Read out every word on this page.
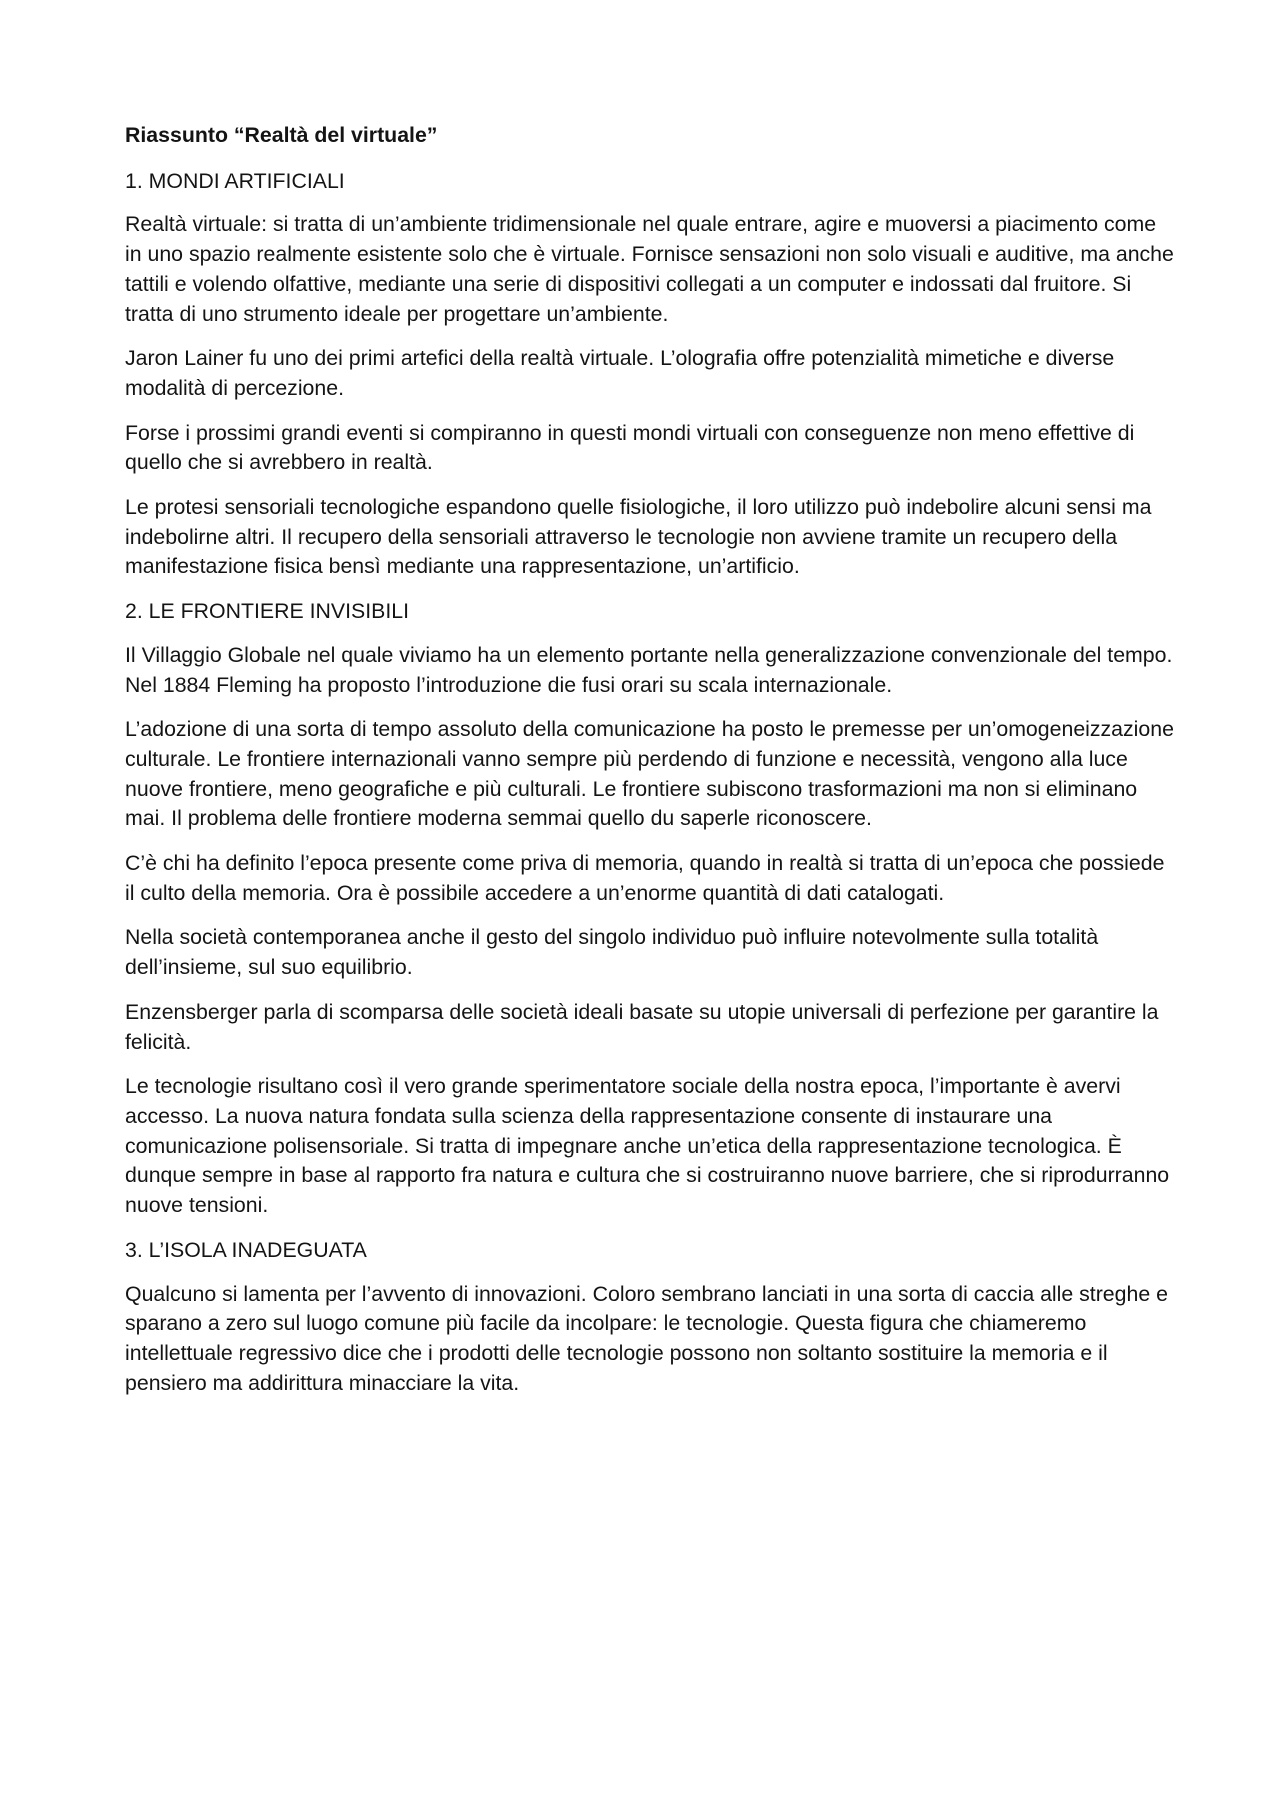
Riassunto “Realtà del virtuale”
1. MONDI ARTIFICIALI

Realtà virtuale: si tratta di un’ambiente tridimensionale nel quale entrare, agire e muoversi a piacimento come in uno spazio realmente esistente solo che è virtuale. Fornisce sensazioni non solo visuali e auditive, ma anche tattili e volendo olfattive, mediante una serie di dispositivi collegati a un computer e indossati dal fruitore. Si tratta di uno strumento ideale per progettare un’ambiente.

Jaron Lainer fu uno dei primi artefici della realtà virtuale. L’olografia offre potenzialità mimetiche e diverse modalità di percezione.

Forse i prossimi grandi eventi si compiranno in questi mondi virtuali con conseguenze non meno effettive di quello che si avrebbero in realtà.

Le protesi sensoriali tecnologiche espandono quelle fisiologiche, il loro utilizzo può indebolire alcuni sensi ma indebolirne altri. Il recupero della sensoriali attraverso le tecnologie non avviene tramite un recupero della manifestazione fisica bensì mediante una rappresentazione, un’artificio.

2. LE FRONTIERE INVISIBILI

Il Villaggio Globale nel quale viviamo ha un elemento portante nella generalizzazione convenzionale del tempo. Nel 1884 Fleming ha proposto l’introduzione die fusi orari su scala internazionale.

L’adozione di una sorta di tempo assoluto della comunicazione ha posto le premesse per un’omogeneizzazione culturale. Le frontiere internazionali vanno sempre più perdendo di funzione e necessità, vengono alla luce nuove frontiere, meno geografiche e più culturali. Le frontiere subiscono trasformazioni ma non si eliminano mai. Il problema delle frontiere moderna semmai quello du saperle riconoscere.

C’è chi ha definito l’epoca presente come priva di memoria, quando in realtà si tratta di un’epoca che possiede il culto della memoria. Ora è possibile accedere a un’enorme quantità di dati catalogati.

Nella società contemporanea anche il gesto del singolo individuo può influire notevolmente sulla totalità dell’insieme, sul suo equilibrio.

Enzensberger parla di scomparsa delle società ideali basate su utopie universali di perfezione per garantire la felicità.

Le tecnologie risultano così il vero grande sperimentatore sociale della nostra epoca, l’importante è avervi accesso. La nuova natura fondata sulla scienza della rappresentazione consente di instaurare una comunicazione polisensoriale. Si tratta di impegnare anche un’etica della rappresentazione tecnologica. È dunque sempre in base al rapporto fra natura e cultura che si costruiranno nuove barriere, che si riprodurranno nuove tensioni.

3. L’ISOLA INADEGUATA

Qualcuno si lamenta per l’avvento di innovazioni. Coloro sembrano lanciati in una sorta di caccia alle streghe e sparano a zero sul luogo comune più facile da incolpare: le tecnologie. Questa figura che chiameremo intellettuale regressivo dice che i prodotti delle tecnologie possono non soltanto sostituire la memoria e il pensiero ma addirittura minacciare la vita.
